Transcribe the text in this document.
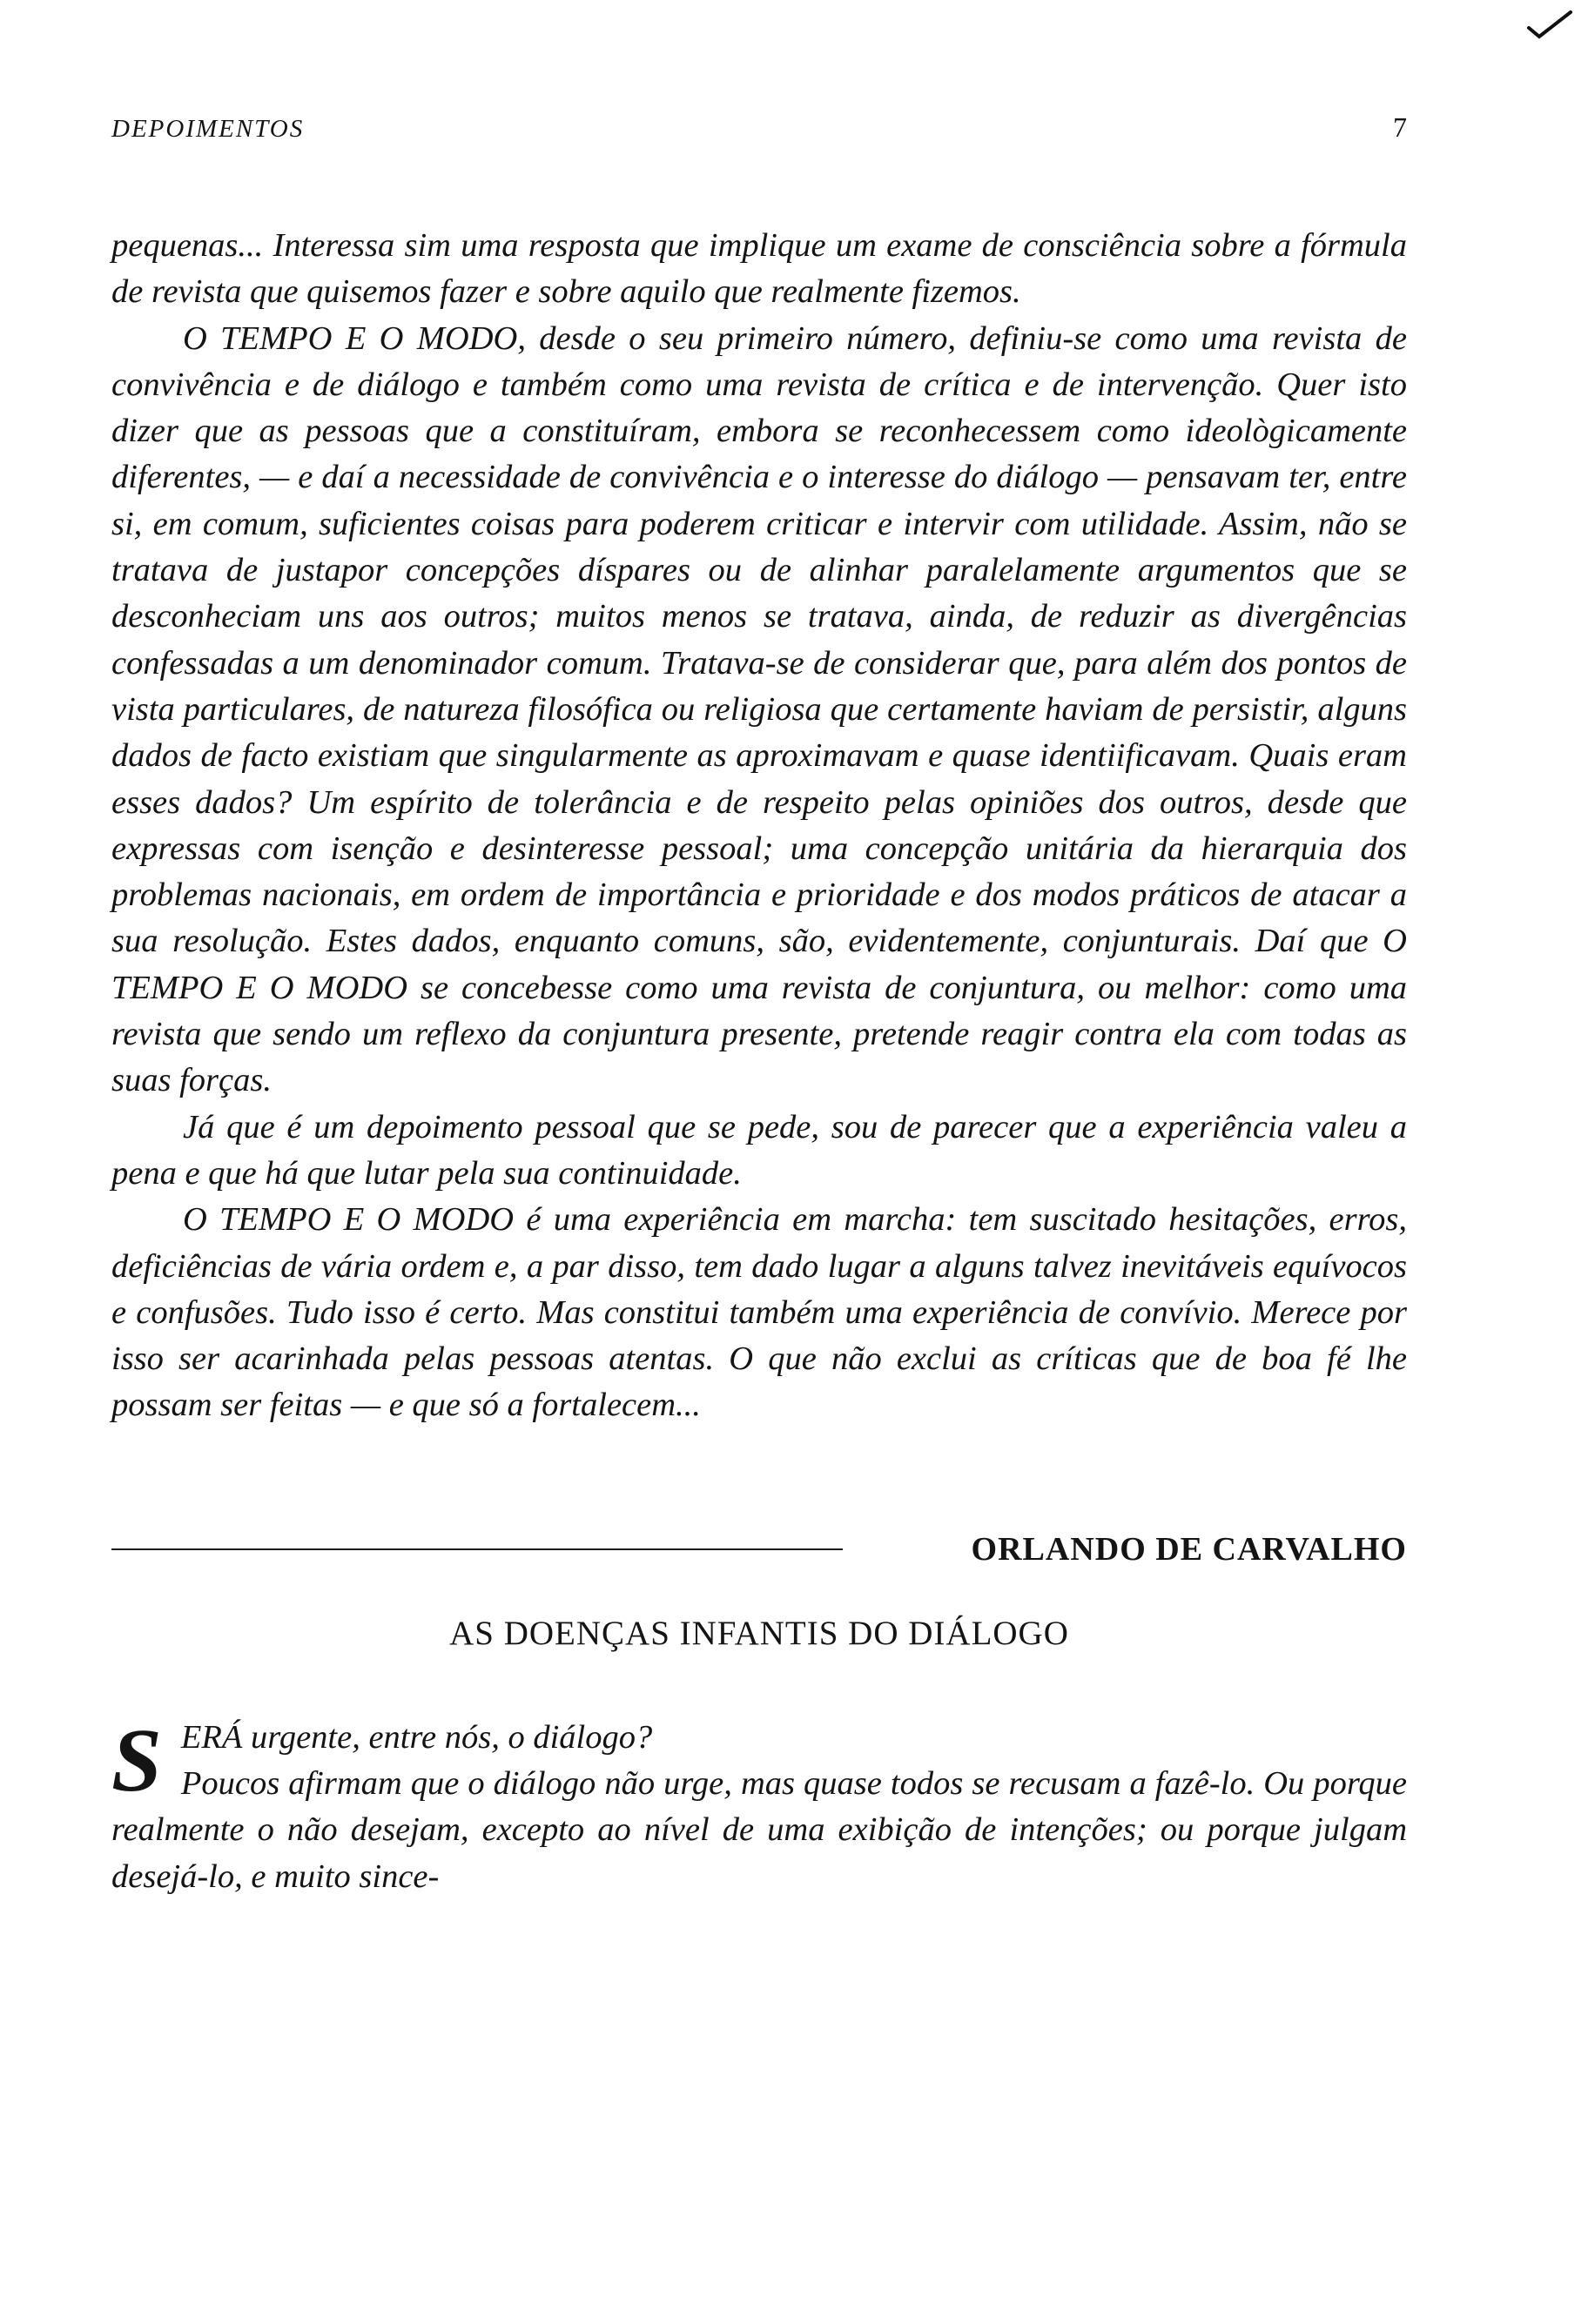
DEPOIMENTOS	7

pequenas... Interessa sim uma resposta que implique um exame de consciência sobre a fórmula de revista que quisemos fazer e sobre aquilo que realmente fizemos.

O TEMPO E O MODO, desde o seu primeiro número, definiu-se como uma revista de convivência e de diálogo e também como uma revista de crítica e de intervenção. Quer isto dizer que as pessoas que a constituíram, embora se reconhecessem como ideològicamente diferentes, — e daí a necessidade de convivência e o interesse do diálogo — pensavam ter, entre si, em comum, suficientes coisas para poderem criticar e intervir com utilidade. Assim, não se tratava de justapor concepções díspares ou de alinhar paralelamente argumentos que se desconheciam uns aos outros; muitos menos se tratava, ainda, de reduzir as divergências confessadas a um denominador comum. Tratava-se de considerar que, para além dos pontos de vista particulares, de natureza filosófica ou religiosa que certamente haviam de persistir, alguns dados de facto existiam que singularmente as aproximavam e quase identiificavam. Quais eram esses dados? Um espírito de tolerância e de respeito pelas opiniões dos outros, desde que expressas com isenção e desinteresse pessoal; uma concepção unitária da hierarquia dos problemas nacionais, em ordem de importância e prioridade e dos modos práticos de atacar a sua resolução. Estes dados, enquanto comuns, são, evidentemente, conjunturais. Daí que O TEMPO E O MODO se concebesse como uma revista de conjuntura, ou melhor: como uma revista que sendo um reflexo da conjuntura presente, pretende reagir contra ela com todas as suas forças.

Já que é um depoimento pessoal que se pede, sou de parecer que a experiência valeu a pena e que há que lutar pela sua continuidade.

O TEMPO E O MODO é uma experiência em marcha: tem suscitado hesitações, erros, deficiências de vária ordem e, a par disso, tem dado lugar a alguns talvez inevitáveis equívocos e confusões. Tudo isso é certo. Mas constitui também uma experiência de convívio. Merece por isso ser acarinhada pelas pessoas atentas. O que não exclui as críticas que de boa fé lhe possam ser feitas — e que só a fortalecem...

ORLANDO DE CARVALHO
AS DOENÇAS INFANTIS DO DIÁLOGO
S ERÁ urgente, entre nós, o diálogo?

Poucos afirmam que o diálogo não urge, mas quase todos se recusam a fazê-lo. Ou porque realmente o não desejam, excepto ao nível de uma exibição de intenções; ou porque julgam desejá-lo, e muito since-
